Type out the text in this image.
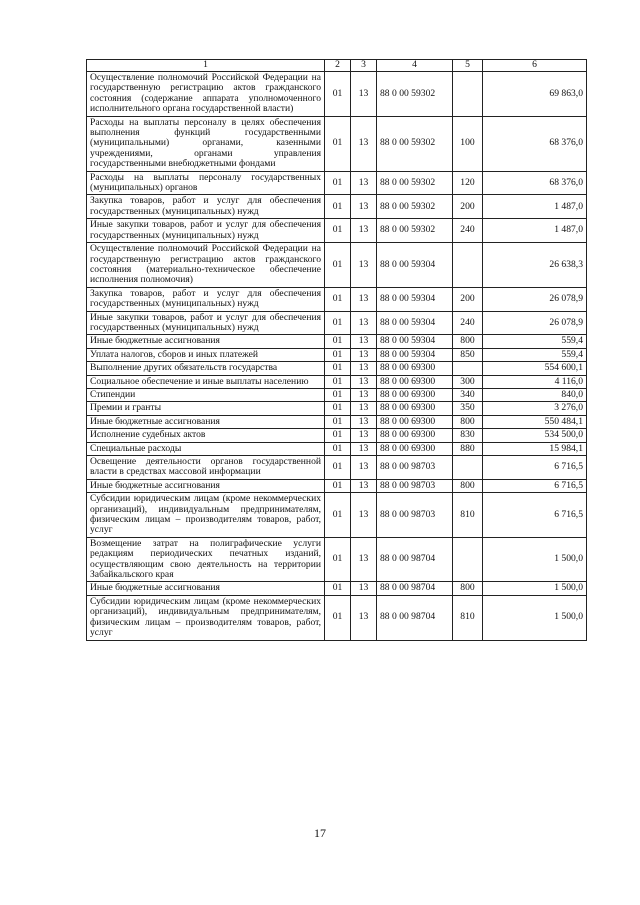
1	2	3	4	5	6
Осуществление полномочий Российской Федерации на государственную регистрацию актов гражданского состояния (содержание аппарата уполномоченного исполнительного органа государственной власти)	01	13	88 0 00 59302		69 863,0
Расходы на выплаты персоналу в целях обеспечения выполнения функций государственными (муниципальными) органами, казенными учреждениями, органами управления государственными внебюджетными фондами	01	13	88 0 00 59302	100	68 376,0
Расходы на выплаты персоналу государственных (муниципальных) органов	01	13	88 0 00 59302	120	68 376,0
Закупка товаров, работ и услуг для обеспечения государственных (муниципальных) нужд	01	13	88 0 00 59302	200	1 487,0
Иные закупки товаров, работ и услуг для обеспечения государственных (муниципальных) нужд	01	13	88 0 00 59302	240	1 487,0
Осуществление полномочий Российской Федерации на государственную регистрацию актов гражданского состояния (материально-техническое обеспечение исполнения полномочия)	01	13	88 0 00 59304		26 638,3
Закупка товаров, работ и услуг для обеспечения государственных (муниципальных) нужд	01	13	88 0 00 59304	200	26 078,9
Иные закупки товаров, работ и услуг для обеспечения государственных (муниципальных) нужд	01	13	88 0 00 59304	240	26 078,9
Иные бюджетные ассигнования	01	13	88 0 00 59304	800	559,4
Уплата налогов, сборов и иных платежей	01	13	88 0 00 59304	850	559,4
Выполнение других обязательств государства	01	13	88 0 00 69300		554 600,1
Социальное обеспечение и иные выплаты населению	01	13	88 0 00 69300	300	4 116,0
Стипендии	01	13	88 0 00 69300	340	840,0
Премии и гранты	01	13	88 0 00 69300	350	3 276,0
Иные бюджетные ассигнования	01	13	88 0 00 69300	800	550 484,1
Исполнение судебных актов	01	13	88 0 00 69300	830	534 500,0
Специальные расходы	01	13	88 0 00 69300	880	15 984,1
Освещение деятельности органов государственной власти в средствах массовой информации	01	13	88 0 00 98703		6 716,5
Иные бюджетные ассигнования	01	13	88 0 00 98703	800	6 716,5
Субсидии юридическим лицам (кроме некоммерческих организаций), индивидуальным предпринимателям, физическим лицам – производителям товаров, работ, услуг	01	13	88 0 00 98703	810	6 716,5
Возмещение затрат на полиграфические услуги редакциям периодических печатных изданий, осуществляющим свою деятельность на территории Забайкальского края	01	13	88 0 00 98704		1 500,0
Иные бюджетные ассигнования	01	13	88 0 00 98704	800	1 500,0
Субсидии юридическим лицам (кроме некоммерческих организаций), индивидуальным предпринимателям, физическим лицам – производителям товаров, работ, услуг	01	13	88 0 00 98704	810	1 500,0
17
